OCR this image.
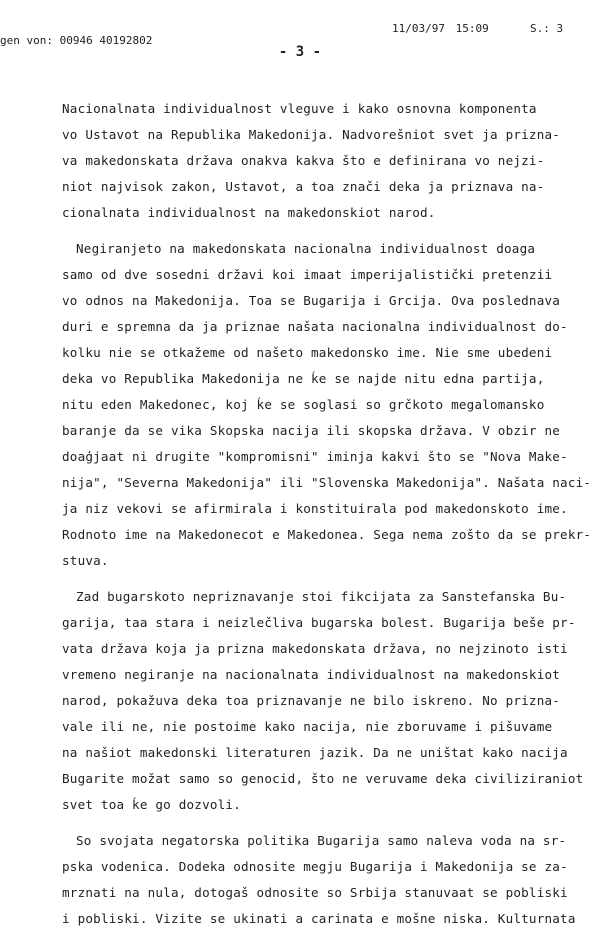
gen von: 00946 40192802
11/03/97 15:09	S.: 3
- 3 -
Nacionalnata individualnost vleguve i kako osnovna komponenta
vo Ustavot na Republika Makedonija. Nadvorešniot svet ja prizna-
va makedonskata država onakva kakva što e definirana vo nejzi-
niot najvisok zakon, Ustavot, a toa znači deka ja priznava na-
cionalnata individualnost na makedonskiot narod.
Negiranjeto na makedonskata nacionalna individualnost doaga
samo od dve sosedni državi koi imaat imperijalistički pretenzii
vo odnos na Makedonija. Toa se Bugarija i Grcija. Ova poslednava
duri e spremna da ja priznae našata nacionalna individualnost do-
kolku nie se otkažeme od našeto makedonsko ime. Nie sme ubedeni
deka vo Republika Makedonija ne ḱe se najde nitu edna partija,
nitu eden Makedonec, koj ḱe se soglasi so grčkoto megalomansko
baranje da se vika Skopska nacija ili skopska država. V obzir ne
doaģjaat ni drugite "kompromisni" iminja kakvi što se "Nova Make-
nija", "Severna Makedonija" ili "Slovenska Makedonija". Našata naci-
ja niz vekovi se afirmirala i konstituirala pod makedonskoto ime.
Rodnoto ime na Makedonecot e Makedonea. Sega nema zošto da se prekr-
stuva.
Zad bugarskoto nepriznavanje stoi fikcijata za Sanstefanska Bu-
garija, taa stara i neizlečliva bugarska bolest. Bugarija beše pr-
vata država koja ja prizna makedonskata država, no nejzinoto isti
vremeno negiranje na nacionalnata individualnost na makedonskiot
narod, pokažuva deka toa priznavanje ne bilo iskreno. No prizna-
vale ili ne, nie postoime kako nacija, nie zboruvame i pišuvame
na našiot makedonski literaturen jazik. Da ne uništat kako nacija
Bugarite možat samo so genocid, što ne veruvame deka civiliziraniot
svet toa ḱe go dozvoli.
So svojata negatorska politika Bugarija samo naleva voda na sr-
pska vodenica. Dodeka odnosite megju Bugarija i Makedonija se za-
mrznati na nula, dotogaš odnosite so Srbija stanuvaat se pobliski
i pobliski. Vizite se ukinati a carinata e mošne niska. Kulturnata
